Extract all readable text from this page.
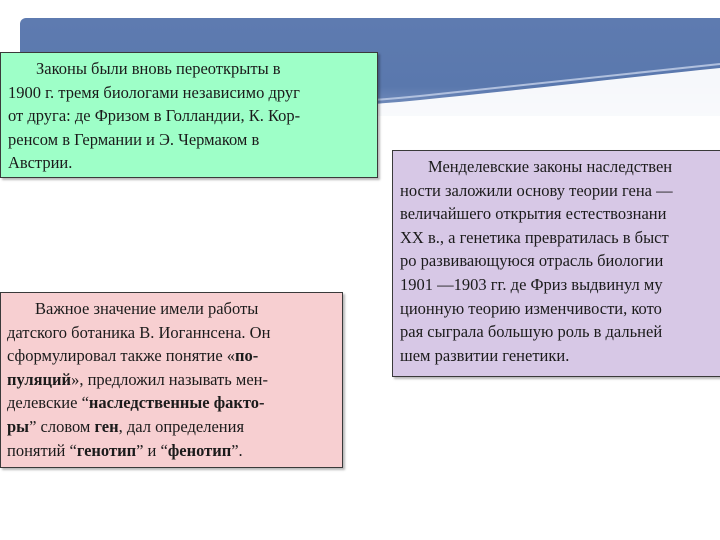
Законы были вновь переоткрыты в

1900 г. тремя биологами независимо друг

от друга: де Фризом в Голландии, К. Кор-

ренсом в Германии и Э. Чермаком в

Австрии.

Важное значение имели работы

датского ботаника В. Иоганнсена. Он

сформулировал также понятие «по-

пуляций», предложил называть мен-

делевские “наследственные факто-

ры” словом ген, дал определения

понятий “генотип” и “фенотип”.

Менделевские законы наследствен

ности заложили основу теории гена —

величайшего открытия естествознани

XX в., а генетика превратилась в быст

ро развивающуюся отрасль биологии

1901 —1903 гг. де Фриз выдвинул му

ционную теорию изменчивости, кото

рая сыграла большую роль в дальней

шем развитии генетики.
